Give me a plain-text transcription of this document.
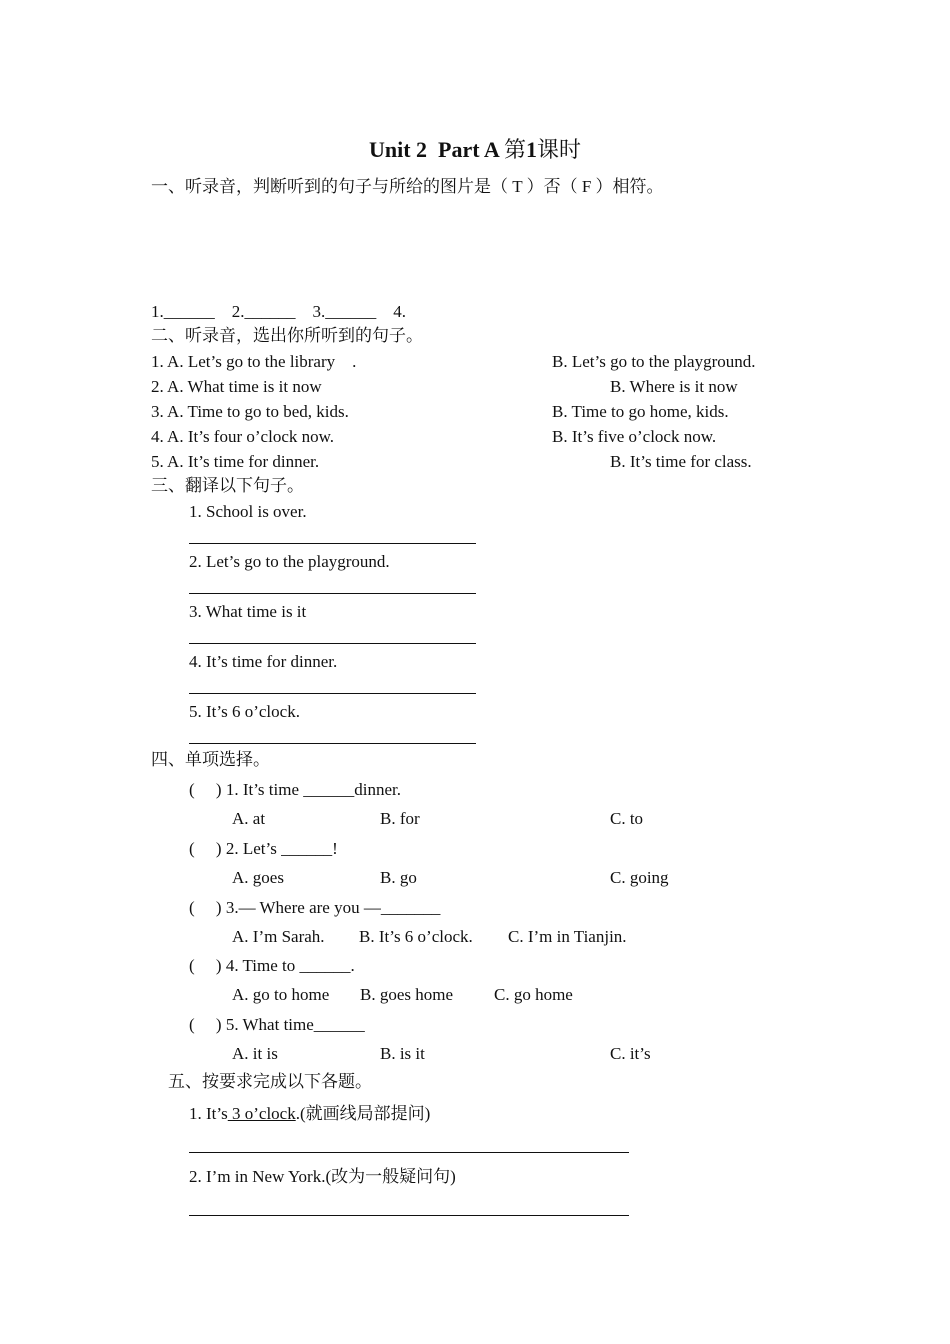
Unit 2  Part A 第1课时
一、听录音，判断听到的句子与所给的图片是（ T ）否（ F ）相符。
1.______    2.______    3.______    4.
二、听录音，选出你所听到的句子。
1. A. Let’s go to the library    .	B. Let’s go to the playground.
2. A. What time is it now	B. Where is it now
3. A. Time to go to bed, kids.	B. Time to go home, kids.
4. A. It’s four o’clock now.	B. It’s five o’clock now.
5. A. It’s time for dinner.	B. It’s time for class.
三、翻译以下句子。
1. School is over.
2. Let’s go to the playground.
3. What time is it
4. It’s time for dinner.
5. It’s 6 o’clock.
四、单项选择。
(     ) 1. It’s time ______dinner.
A. at	B. for	C. to
(     ) 2. Let’s ______!
A. goes	B. go	C. going
(     ) 3.— Where are you —_______
A. I’m Sarah. B. It’s 6 o’clock. C. I’m in Tianjin.
(     ) 4. Time to ______.
A. go to home B. goes home C. go home
(     ) 5. What time______
A. it is	B. is it	C. it’s
五、按要求完成以下各题。
1. It’s 3 o’clock.(就画线局部提问)
2. I’m in New York.(改为一般疑问句)
